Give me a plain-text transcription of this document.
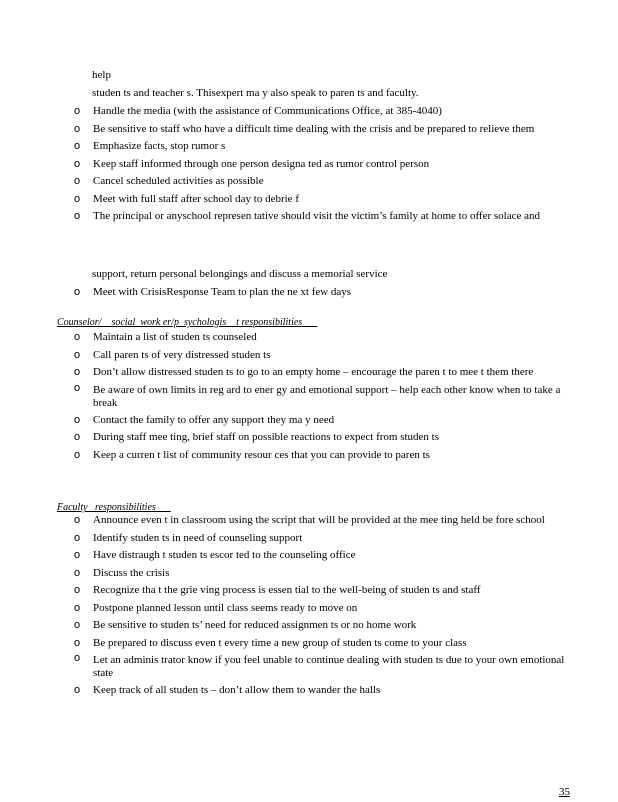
help
studen ts and teacher s. Thisexpert ma y also speak to paren ts and faculty.
o Handle the media (with the assistance of Communications Office, at 385-4040)
o Be sensitive to staff who have a difficult time dealing with the crisis and be prepared to relieve them
o Emphasize facts, stop rumor s
o Keep staff informed through one person designa ted as rumor control person
o Cancel scheduled activities as possible
o Meet with full staff after school day to debrie f
o The principal or anyschool represen tative should visit the victim’s family at home to offer solace and
support, return personal belongings and discuss a memorial service
o Meet with CrisisResponse Team to plan the ne xt few days
Counselor/    social  work er/p  sychologis    t responsibilities
o Maintain a list of studen ts counseled
o Call paren ts of very distressed studen ts
o Don’t allow distressed studen ts to go to an empty home – encourage the paren t to mee t them there
o Be aware of own limits in reg ard to ener gy and emotional support – help each other know when to take a break
o Contact the family to offer any support they ma y need
o During staff mee ting, brief staff on possible reactions to expect from studen ts
o Keep a curren t list of community resour ces that you can provide to paren ts
Faculty   responsibilities
o Announce even t in classroom using the script that will be provided at the mee ting held be fore school
o Identify studen ts in need of counseling support
o Have distraugh t studen ts escor ted to the counseling office
o Discuss the crisis
o Recognize tha t the grie ving process is essen tial to the well-being of studen ts and staff
o Postpone planned lesson until class seems ready to move on
o Be sensitive to studen ts’ need for reduced assignmen ts or no home work
o Be prepared to discuss even t every time a new group of studen ts come to your class
o Let an adminis trator know if you feel unable to continue dealing with studen ts due to your own emotional state
o Keep track of all studen ts – don’t allow them to wander the halls
35
